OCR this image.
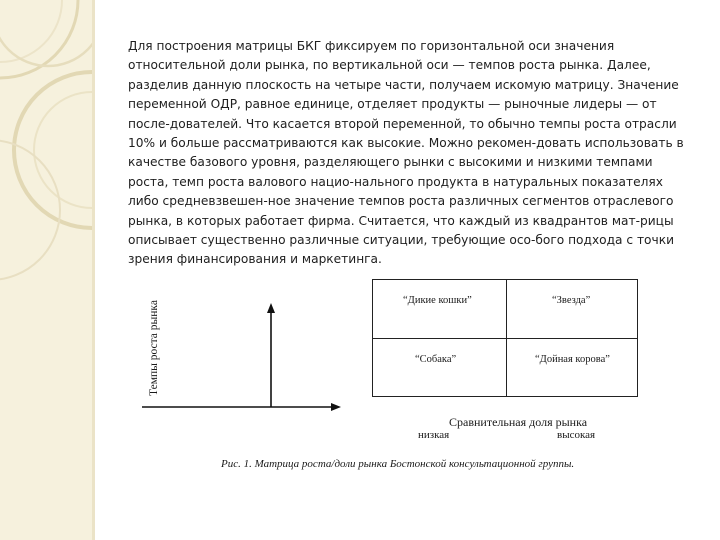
Для построения матрицы БКГ фиксируем по горизонтальной оси значения относительной доли рынка, по вертикальной оси — темпов роста рынка. Далее, разделив данную плоскость на четыре части, получаем искомую матрицу. Значение переменной ОДР, равное единице, отделяет продукты — рыночные лидеры — от после-дователей. Что касается второй переменной, то обычно темпы роста отрасли 10% и больше рассматриваются как высокие. Можно рекомен-довать использовать в качестве базового уровня, разделяющего рынки с высокими и низкими темпами роста, темп роста валового нацио-нального продукта в натуральных показателях либо средневзвешен-ное значение темпов роста различных сегментов отраслевого рынка, в которых работает фирма. Считается, что каждый из квадрантов мат-рицы описывает существенно различные ситуации, требующие осо-бого подхода с точки зрения финансирования и маркетинга.

Темпы роста рынка	“Дикие кошки”	“Звезда”
“Собака”	“Дойная корова”
Сравнительная доля рынка
низкая	высокая
Рис. 1. Матрица роста/доли рынка Бостонской консультационной группы.
